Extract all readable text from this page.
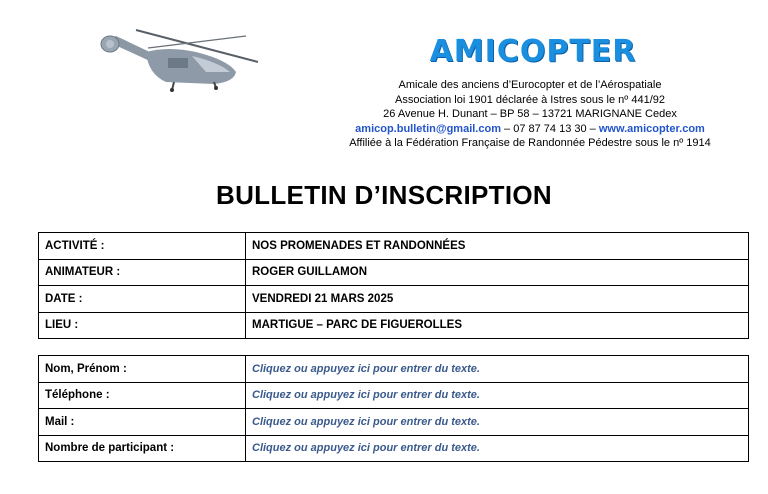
AMICOPTER
Amicale des anciens d’Eurocopter et de l’Aérospatiale
Association loi 1901 déclarée à Istres sous le nº 441/92
26 Avenue H. Dunant – BP 58 – 13721 MARIGNANE Cedex
amicop.bulletin@gmail.com – 07 87 74 13 30 – www.amicopter.com
Affiliée à la Fédération Française de Randonnée Pédestre sous le nº 1914
BULLETIN D’INSCRIPTION
ACTIVITÉ :	NOS PROMENADES ET RANDONNÉES
ANIMATEUR :	ROGER GUILLAMON
DATE :	VENDREDI 21 MARS 2025
LIEU :	MARTIGUE – PARC DE FIGUEROLLES
Nom, Prénom :	Cliquez ou appuyez ici pour entrer du texte.
Téléphone :	Cliquez ou appuyez ici pour entrer du texte.
Mail :	Cliquez ou appuyez ici pour entrer du texte.
Nombre de participant :	Cliquez ou appuyez ici pour entrer du texte.
